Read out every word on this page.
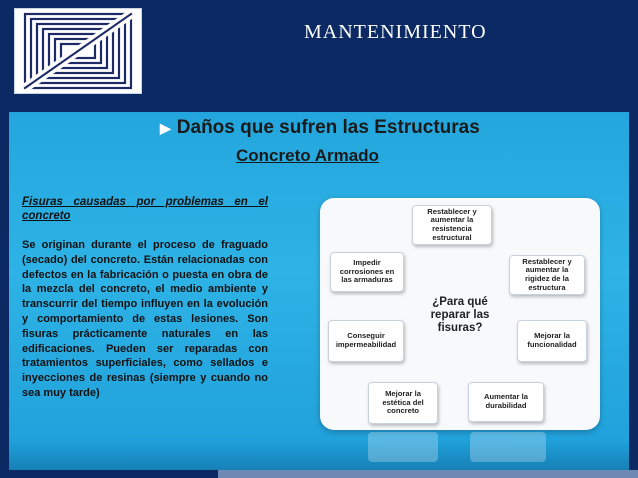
MANTENIMIENTO
▶ Daños que sufren las Estructuras
Concreto Armado
Fisuras causadas por problemas en el concreto
Se originan durante el proceso de fraguado (secado) del concreto. Están relacionadas con defectos en la fabricación o puesta en obra de la mezcla del concreto, el medio ambiente y transcurrir del tiempo influyen en la evolución y comportamiento de estas lesiones. Son fisuras prácticamente naturales en las edificaciones. Pueden ser reparadas con tratamientos superficiales, como sellados e inyecciones de resinas (siempre y cuando no sea muy tarde)
Restablecer y aumentar la resistencia estructural
Restablecer y aumentar la rigidez de la estructura
Mejorar la funcionalidad
Aumentar la durabilidad
Mejorar la estética del concreto
Conseguir impermeabilidad
Impedir corrosiones en las armaduras
¿Para qué reparar las fisuras?
